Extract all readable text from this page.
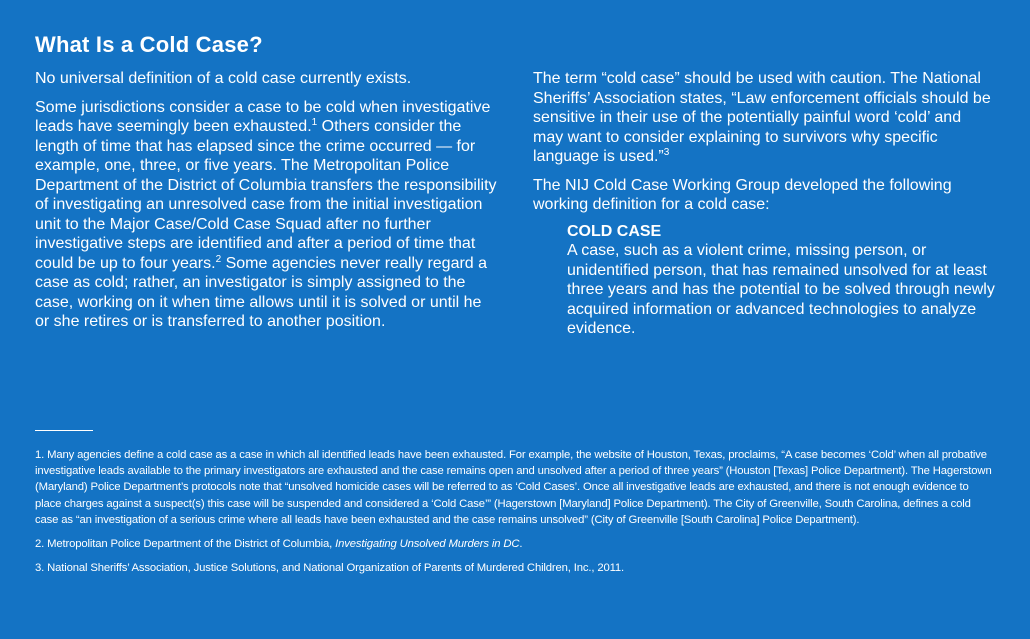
What Is a Cold Case?

No universal definition of a cold case currently exists.

Some jurisdictions consider a case to be cold when investigative leads have seemingly been exhausted.$^1$ Others consider the length of time that has elapsed since the crime occurred — for example, one, three, or five years. The Metropolitan Police Department of the District of Columbia transfers the responsibility of investigating an unresolved case from the initial investigation unit to the Major Case/Cold Case Squad after no further investigative steps are identified and after a period of time that could be up to four years.$^2$ Some agencies never really regard a case as cold; rather, an investigator is simply assigned to the case, working on it when time allows until it is solved or until he or she retires or is transferred to another position.

The term “cold case” should be used with caution. The National Sheriffs’ Association states, “Law enforcement officials should be sensitive in their use of the potentially painful word ‘cold’ and may want to consider explaining to survivors why specific language is used.”$^3$

The NIJ Cold Case Working Group developed the following working definition for a cold case:

COLD CASE
A case, such as a violent crime, missing person, or unidentified person, that has remained unsolved for at least three years and has the potential to be solved through newly acquired information or advanced technologies to analyze evidence.

1. Many agencies define a cold case as a case in which all identified leads have been exhausted. For example, the website of Houston, Texas, proclaims, “A case becomes ‘Cold’ when all probative investigative leads available to the primary investigators are exhausted and the case remains open and unsolved after a period of three years” (Houston [Texas] Police Department). The Hagerstown (Maryland) Police Department’s protocols note that “unsolved homicide cases will be referred to as ‘Cold Cases’. Once all investigative leads are exhausted, and there is not enough evidence to place charges against a suspect(s) this case will be suspended and considered a ‘Cold Case’” (Hagerstown [Maryland] Police Department). The City of Greenville, South Carolina, defines a cold case as “an investigation of a serious crime where all leads have been exhausted and the case remains unsolved” (City of Greenville [South Carolina] Police Department).

2. Metropolitan Police Department of the District of Columbia, Investigating Unsolved Murders in DC.

3. National Sheriffs’ Association, Justice Solutions, and National Organization of Parents of Murdered Children, Inc., 2011.
